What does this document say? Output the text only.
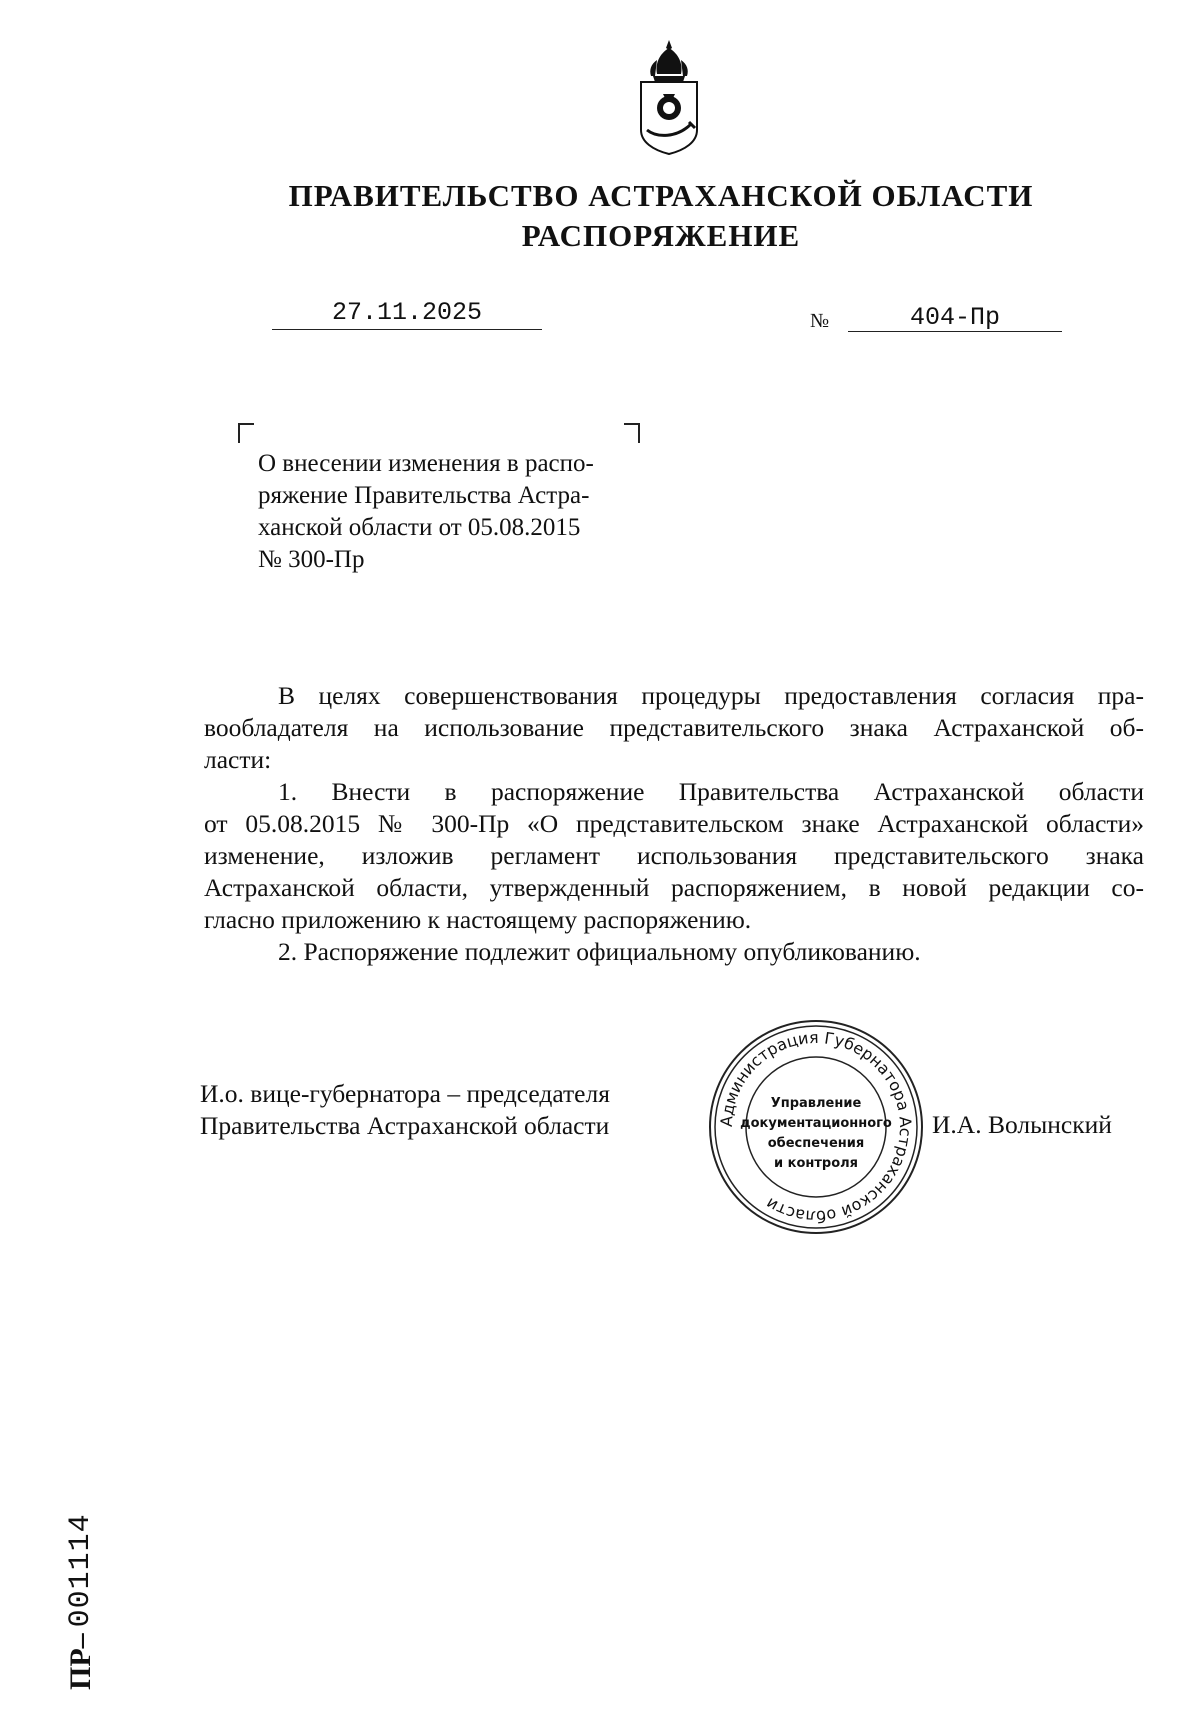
ПРАВИТЕЛЬСТВО АСТРАХАНСКОЙ ОБЛАСТИ
РАСПОРЯЖЕНИЕ
27.11.2025	№	404-Пр
О внесении изменения в распо-
ряжение Правительства Астра-
ханской области от 05.08.2015
№ 300-Пр
В целях совершенствования процедуры предоставления согласия пра-
вообладателя на использование представительского знака Астраханской об-
ласти:
1. Внести в распоряжение Правительства Астраханской области
от 05.08.2015 № 300-Пр «О представительском знаке Астраханской области»
изменение, изложив регламент использования представительского знака
Астраханской области, утвержденный распоряжением, в новой редакции со-
гласно приложению к настоящему распоряжению.
2. Распоряжение подлежит официальному опубликованию.
И.о. вице-губернатора – председателя
Правительства Астраханской области	Администрация Губернатора Астраханской области
Управление
документационного
обеспечения
и контроля
И.А. Волынский
ПР–
001114
